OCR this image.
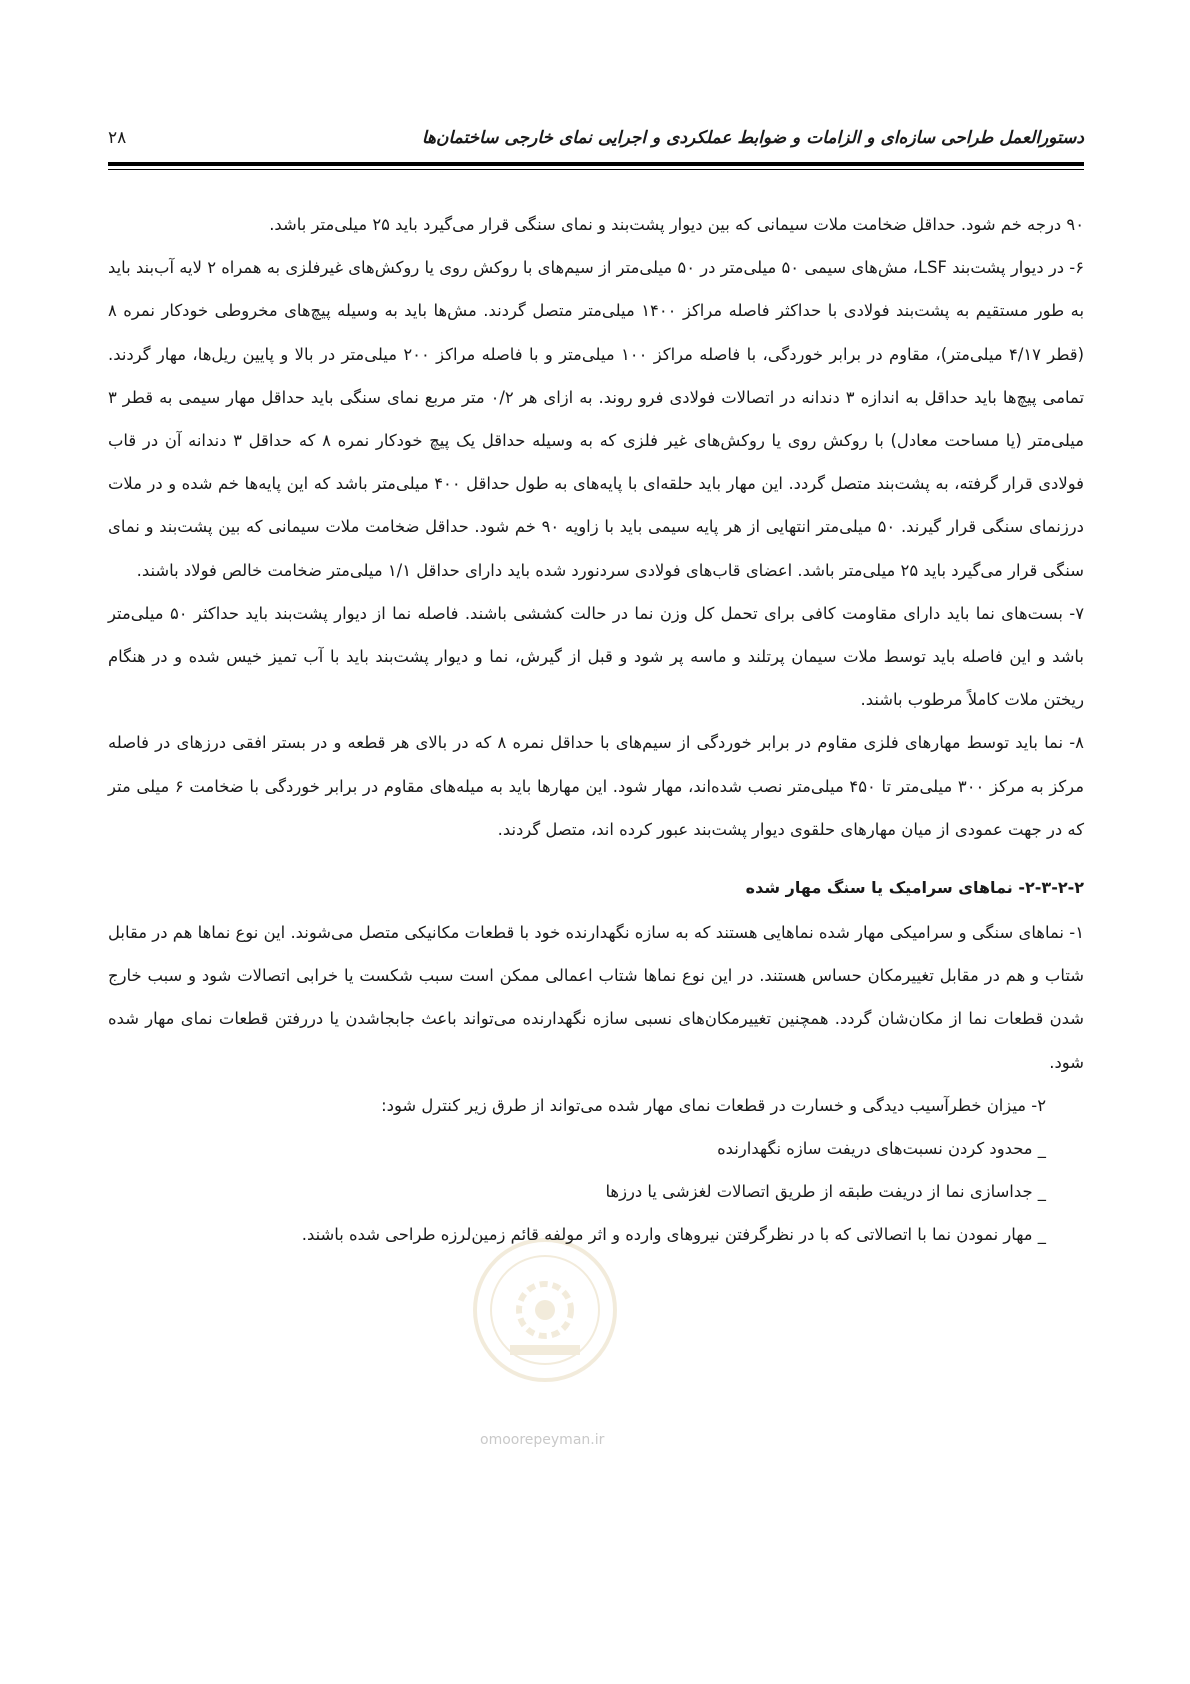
دستورالعمل طراحی سازه‌ای و الزامات و ضوابط عملکردی و اجرایی نمای خارجی ساختمان‌ها
۲۸
omoorepeyman.ir

۹۰ درجه خم شود. حداقل ضخامت ملات سیمانی که بین دیوار پشت‌بند و نمای سنگی قرار می‌گیرد باید ۲۵ میلی‌متر باشد.

۶- در دیوار پشت‌بند LSF، مش‌های سیمی ۵۰ میلی‌متر در ۵۰ میلی‌متر از سیم‌های با روکش روی یا روکش‌های غیرفلزی به همراه ۲ لایه آب‌بند باید به طور مستقیم به پشت‌بند فولادی با حداکثر فاصله مراکز ۱۴۰۰ میلی‌متر متصل گردند. مش‌ها باید به وسیله پیچ‌های مخروطی خودکار نمره ۸ (قطر ۴/۱۷ میلی‌متر)، مقاوم در برابر خوردگی، با فاصله مراکز ۱۰۰ میلی‌متر و با فاصله مراکز ۲۰۰ میلی‌متر در بالا و پایین ریل‌ها، مهار گردند. تمامی پیچ‌ها باید حداقل به اندازه ۳ دندانه در اتصالات فولادی فرو روند. به ازای هر ۰/۲ متر مربع نمای سنگی باید حداقل مهار سیمی به قطر ۳ میلی‌متر (یا مساحت معادل) با روکش روی یا روکش‌های غیر فلزی که به وسیله حداقل یک پیچ خودکار نمره ۸ که حداقل ۳ دندانه آن در قاب فولادی قرار گرفته، به پشت‌بند متصل گردد. این مهار باید حلقه‌ای با پایه‌های به طول حداقل ۴۰۰ میلی‌متر باشد که این پایه‌ها خم شده و در ملات درزنمای سنگی قرار گیرند. ۵۰ میلی‌متر انتهایی از هر پایه سیمی باید با زاویه ۹۰ خم شود. حداقل ضخامت ملات سیمانی که بین پشت‌بند و نمای سنگی قرار می‌گیرد باید ۲۵ میلی‌متر باشد. اعضای قاب‌های فولادی سردنورد شده باید دارای حداقل ۱/۱ میلی‌متر ضخامت خالص فولاد باشند.

۷- بست‌های نما باید دارای مقاومت کافی برای تحمل کل وزن نما در حالت کششی باشند. فاصله نما از دیوار پشت‌بند باید حداکثر ۵۰ میلی‌متر باشد و این فاصله باید توسط ملات سیمان پرتلند و ماسه پر شود و قبل از گیرش، نما و دیوار پشت‌بند باید با آب تمیز خیس شده و در هنگام ریختن ملات کاملاً مرطوب باشند.

۸- نما باید توسط مهارهای فلزی مقاوم در برابر خوردگی از سیم‌های با حداقل نمره ۸ که در بالای هر قطعه و در بستر افقی درزهای در فاصله مرکز به مرکز ۳۰۰ میلی‌متر تا ۴۵۰ میلی‌متر نصب شده‌اند، مهار شود. این مهارها باید به میله‌های مقاوم در برابر خوردگی با ضخامت ۶ میلی متر که در جهت عمودی از میان مهارهای حلقوی دیوار پشت‌بند عبور کرده اند، متصل گردند.

۲-۳-۲-۲- نماهای سرامیک یا سنگ مهار شده

۱- نماهای سنگی و سرامیکی مهار شده نماهایی هستند که به سازه نگهدارنده خود با قطعات مکانیکی متصل می‌شوند. این نوع نماها هم در مقابل شتاب و هم در مقابل تغییرمکان حساس هستند. در این نوع نماها شتاب اعمالی ممکن است سبب شکست یا خرابی اتصالات شود و سبب خارج شدن قطعات نما از مکان‌شان گردد. همچنین تغییرمکان‌های نسبی سازه نگهدارنده می‌تواند باعث جابجاشدن یا دررفتن قطعات نمای مهار شده شود.

۲- میزان خطرآسیب دیدگی و خسارت در قطعات نمای مهار شده می‌تواند از طرق زیر کنترل شود:

_ محدود کردن نسبت‌های دریفت سازه نگهدارنده

_ جداسازی نما از دریفت طبقه از طریق اتصالات لغزشی یا درزها

_ مهار نمودن نما با اتصالاتی که با در نظرگرفتن نیروهای وارده و اثر مولفه قائم زمین‌لرزه طراحی شده باشند.
